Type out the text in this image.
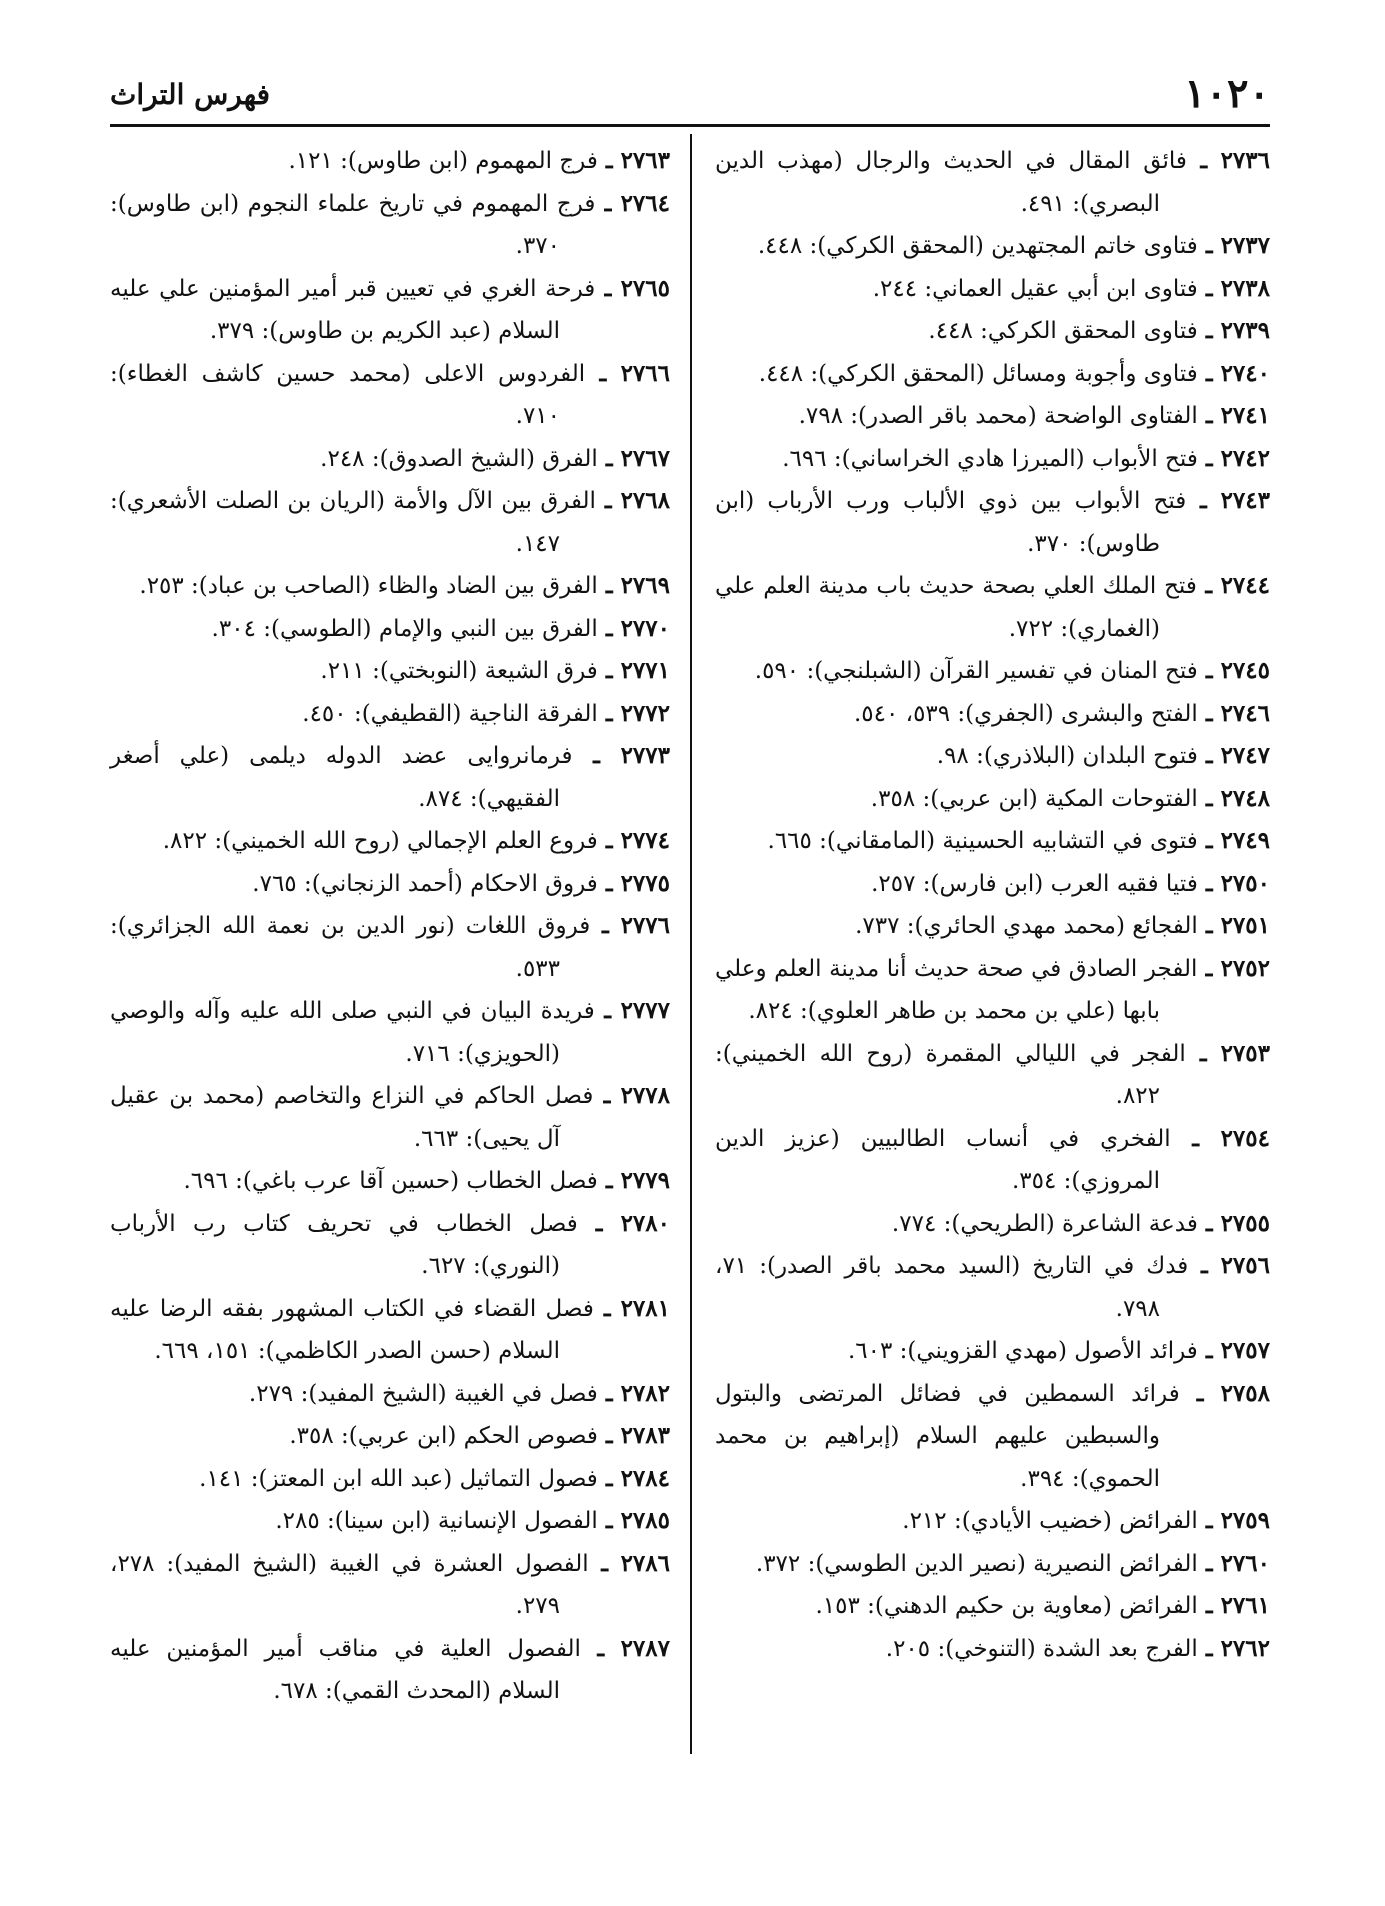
١٠٢٠
فهرس التراث

٢٧٣٦ ـ فائق المقال في الحديث والرجال (مهذب الدين البصري): ٤٩١.

٢٧٣٧ ـ فتاوى خاتم المجتهدين (المحقق الكركي): ٤٤٨.

٢٧٣٨ ـ فتاوى ابن أبي عقيل العماني: ٢٤٤.

٢٧٣٩ ـ فتاوى المحقق الكركي: ٤٤٨.

٢٧٤٠ ـ فتاوى وأجوبة ومسائل (المحقق الكركي): ٤٤٨.

٢٧٤١ ـ الفتاوى الواضحة (محمد باقر الصدر): ٧٩٨.

٢٧٤٢ ـ فتح الأبواب (الميرزا هادي الخراساني): ٦٩٦.

٢٧٤٣ ـ فتح الأبواب بين ذوي الألباب ورب الأرباب (ابن طاوس): ٣٧٠.

٢٧٤٤ ـ فتح الملك العلي بصحة حديث باب مدينة العلم علي (الغماري): ٧٢٢.

٢٧٤٥ ـ فتح المنان في تفسير القرآن (الشبلنجي): ٥٩٠.

٢٧٤٦ ـ الفتح والبشرى (الجفري): ٥٣٩، ٥٤٠.

٢٧٤٧ ـ فتوح البلدان (البلاذري): ٩٨.

٢٧٤٨ ـ الفتوحات المكية (ابن عربي): ٣٥٨.

٢٧٤٩ ـ فتوى في التشابيه الحسينية (المامقاني): ٦٦٥.

٢٧٥٠ ـ فتيا فقيه العرب (ابن فارس): ٢٥٧.

٢٧٥١ ـ الفجائع (محمد مهدي الحائري): ٧٣٧.

٢٧٥٢ ـ الفجر الصادق في صحة حديث أنا مدينة العلم وعلي بابها (علي بن محمد بن طاهر العلوي): ٨٢٤.

٢٧٥٣ ـ الفجر في الليالي المقمرة (روح الله الخميني): ٨٢٢.

٢٧٥٤ ـ الفخري في أنساب الطالبيين (عزيز الدين المروزي): ٣٥٤.

٢٧٥٥ ـ فدعة الشاعرة (الطريحي): ٧٧٤.

٢٧٥٦ ـ فدك في التاريخ (السيد محمد باقر الصدر): ٧١، ٧٩٨.

٢٧٥٧ ـ فرائد الأصول (مهدي القزويني): ٦٠٣.

٢٧٥٨ ـ فرائد السمطين في فضائل المرتضى والبتول والسبطين عليهم السلام (إبراهيم بن محمد الحموي): ٣٩٤.

٢٧٥٩ ـ الفرائض (خضيب الأيادي): ٢١٢.

٢٧٦٠ ـ الفرائض النصيرية (نصير الدين الطوسي): ٣٧٢.

٢٧٦١ ـ الفرائض (معاوية بن حكيم الدهني): ١٥٣.

٢٧٦٢ ـ الفرج بعد الشدة (التنوخي): ٢٠٥.

٢٧٦٣ ـ فرج المهموم (ابن طاوس): ١٢١.

٢٧٦٤ ـ فرج المهموم في تاريخ علماء النجوم (ابن طاوس): ٣٧٠.

٢٧٦٥ ـ فرحة الغري في تعيين قبر أمير المؤمنين علي عليه السلام (عبد الكريم بن طاوس): ٣٧٩.

٢٧٦٦ ـ الفردوس الاعلى (محمد حسين كاشف الغطاء): ٧١٠.

٢٧٦٧ ـ الفرق (الشيخ الصدوق): ٢٤٨.

٢٧٦٨ ـ الفرق بين الآل والأمة (الريان بن الصلت الأشعري): ١٤٧.

٢٧٦٩ ـ الفرق بين الضاد والظاء (الصاحب بن عباد): ٢٥٣.

٢٧٧٠ ـ الفرق بين النبي والإمام (الطوسي): ٣٠٤.

٢٧٧١ ـ فرق الشيعة (النوبختي): ٢١١.

٢٧٧٢ ـ الفرقة الناجية (القطيفي): ٤٥٠.

٢٧٧٣ ـ فرمانروايى عضد الدوله ديلمى (علي أصغر الفقيهي): ٨٧٤.

٢٧٧٤ ـ فروع العلم الإجمالي (روح الله الخميني): ٨٢٢.

٢٧٧٥ ـ فروق الاحكام (أحمد الزنجاني): ٧٦٥.

٢٧٧٦ ـ فروق اللغات (نور الدين بن نعمة الله الجزائري): ٥٣٣.

٢٧٧٧ ـ فريدة البيان في النبي صلى الله عليه وآله والوصي (الحويزي): ٧١٦.

٢٧٧٨ ـ فصل الحاكم في النزاع والتخاصم (محمد بن عقيل آل يحيى): ٦٦٣.

٢٧٧٩ ـ فصل الخطاب (حسين آقا عرب باغي): ٦٩٦.

٢٧٨٠ ـ فصل الخطاب في تحريف كتاب رب الأرباب (النوري): ٦٢٧.

٢٧٨١ ـ فصل القضاء في الكتاب المشهور بفقه الرضا عليه السلام (حسن الصدر الكاظمي): ١٥١، ٦٦٩.

٢٧٨٢ ـ فصل في الغيبة (الشيخ المفيد): ٢٧٩.

٢٧٨٣ ـ فصوص الحكم (ابن عربي): ٣٥٨.

٢٧٨٤ ـ فصول التماثيل (عبد الله ابن المعتز): ١٤١.

٢٧٨٥ ـ الفصول الإنسانية (ابن سينا): ٢٨٥.

٢٧٨٦ ـ الفصول العشرة في الغيبة (الشيخ المفيد): ٢٧٨، ٢٧٩.

٢٧٨٧ ـ الفصول العلية في مناقب أمير المؤمنين عليه السلام (المحدث القمي): ٦٧٨.
